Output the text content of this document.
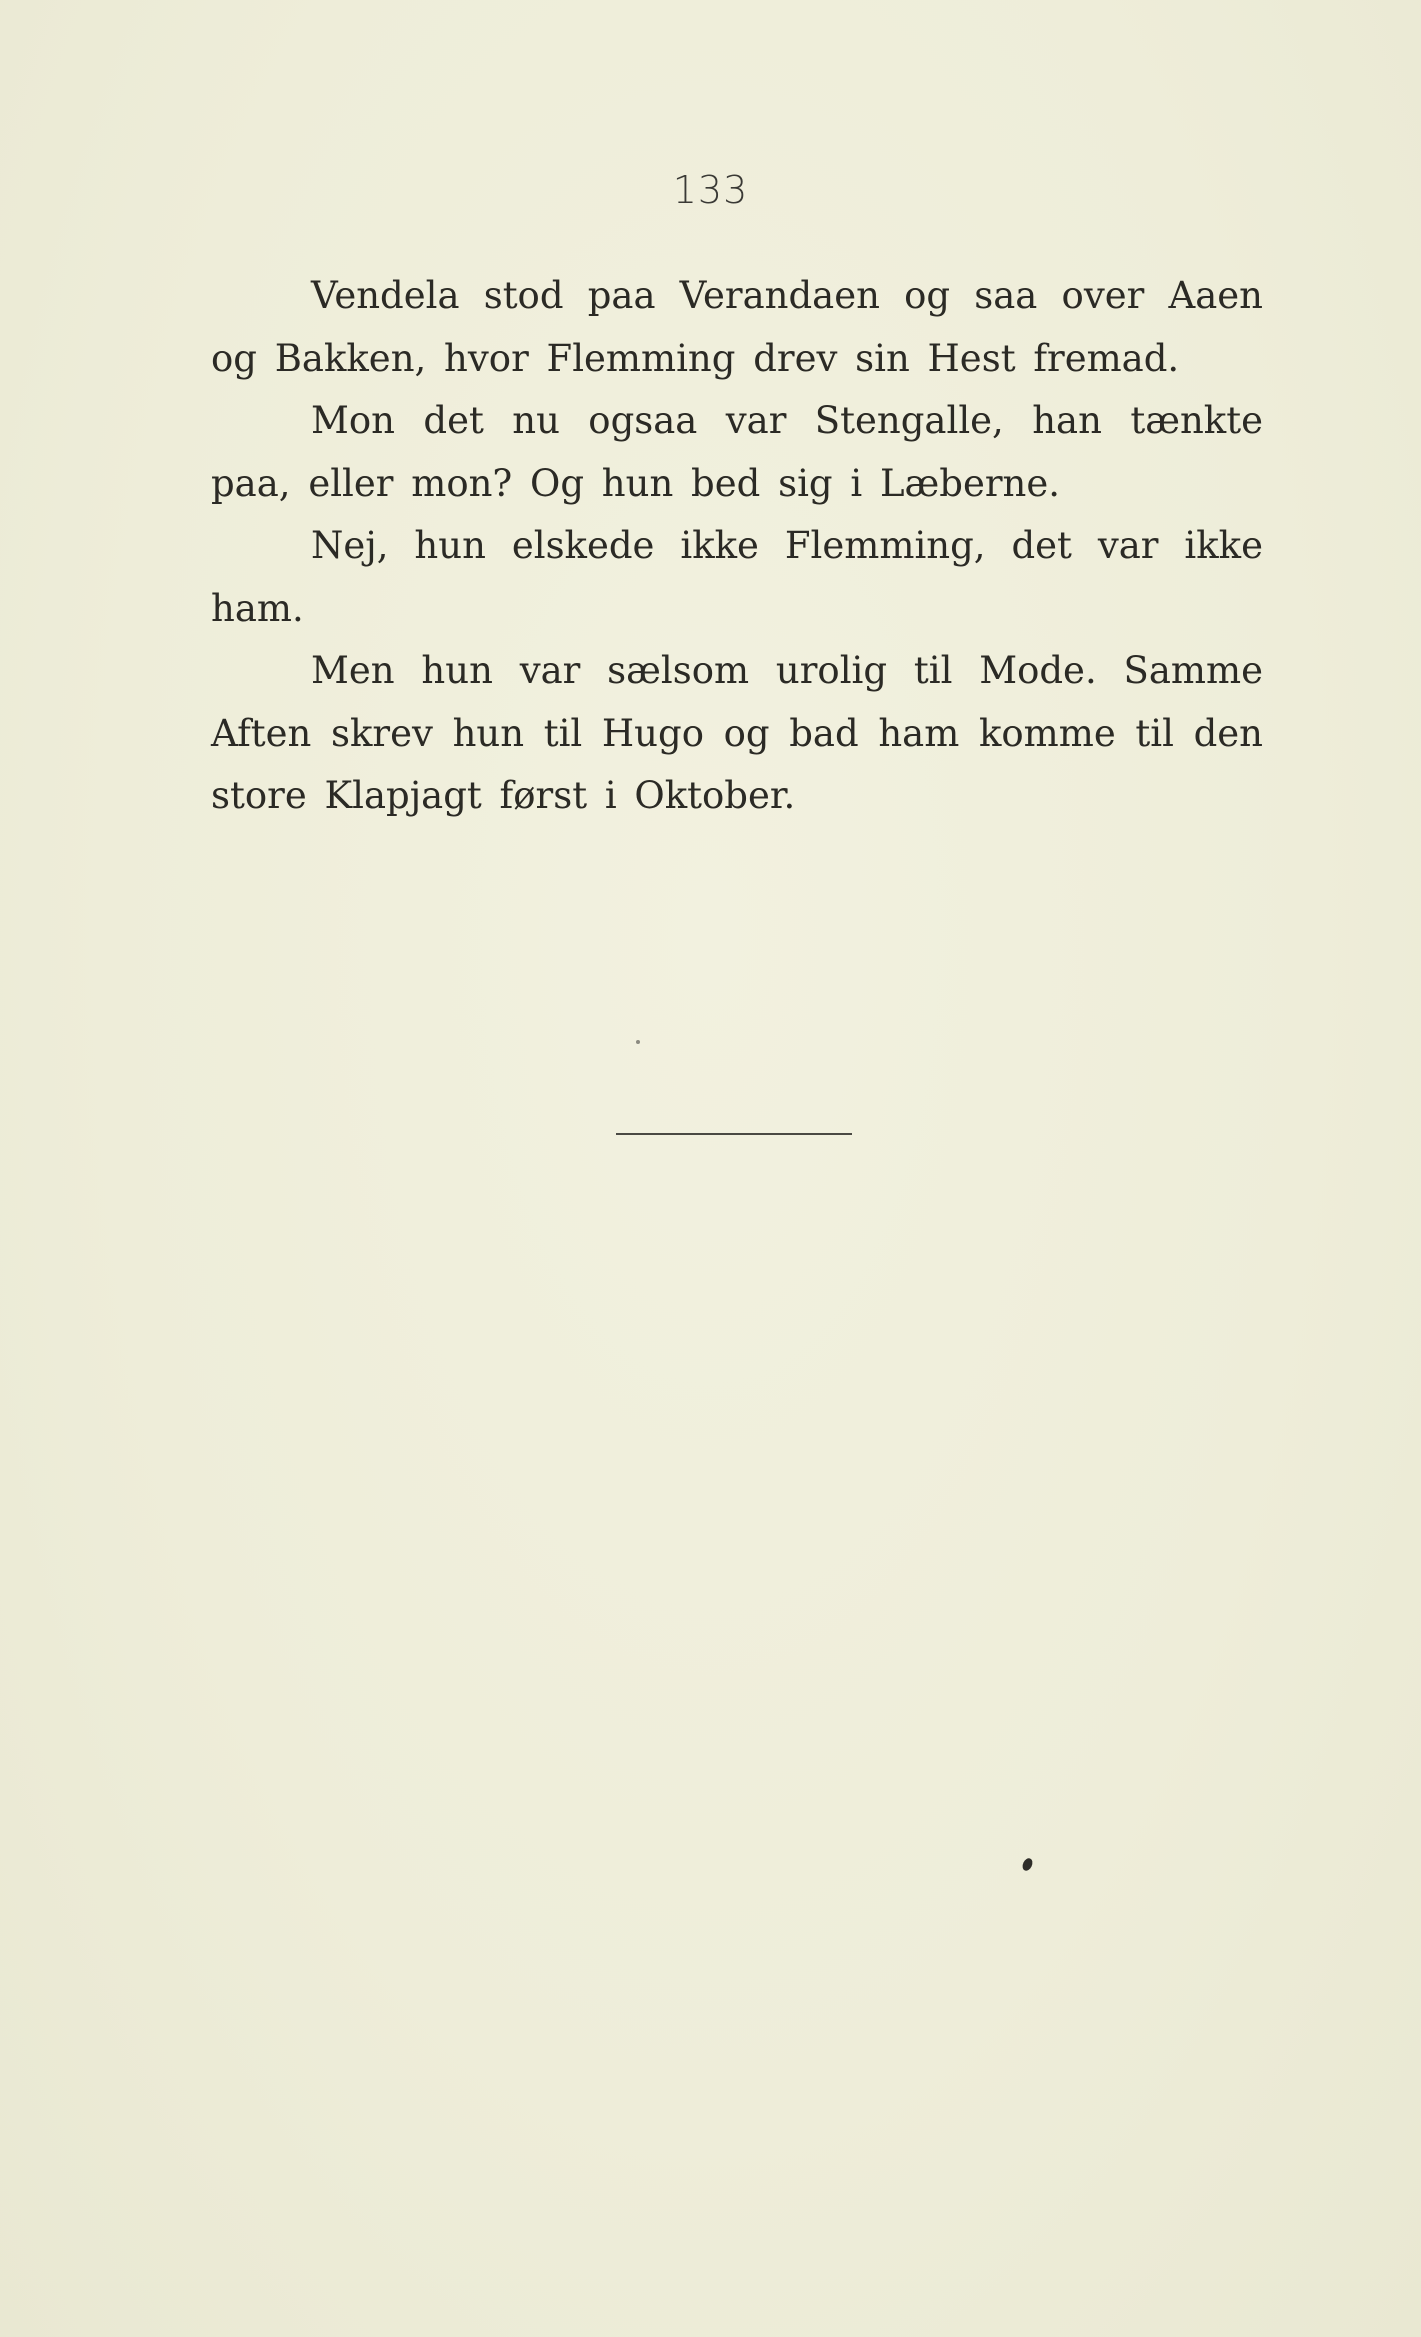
133

Vendela stod paa Verandaen og saa over Aaen og Bakken, hvor Flemming drev sin Hest fremad.

Mon det nu ogsaa var Stengalle, han tænkte paa, eller mon? Og hun bed sig i Læberne.

Nej, hun elskede ikke Flemming, det var ikke ham.

Men hun var sælsom urolig til Mode. Samme Aften skrev hun til Hugo og bad ham komme til den store Klapjagt først i Oktober.
